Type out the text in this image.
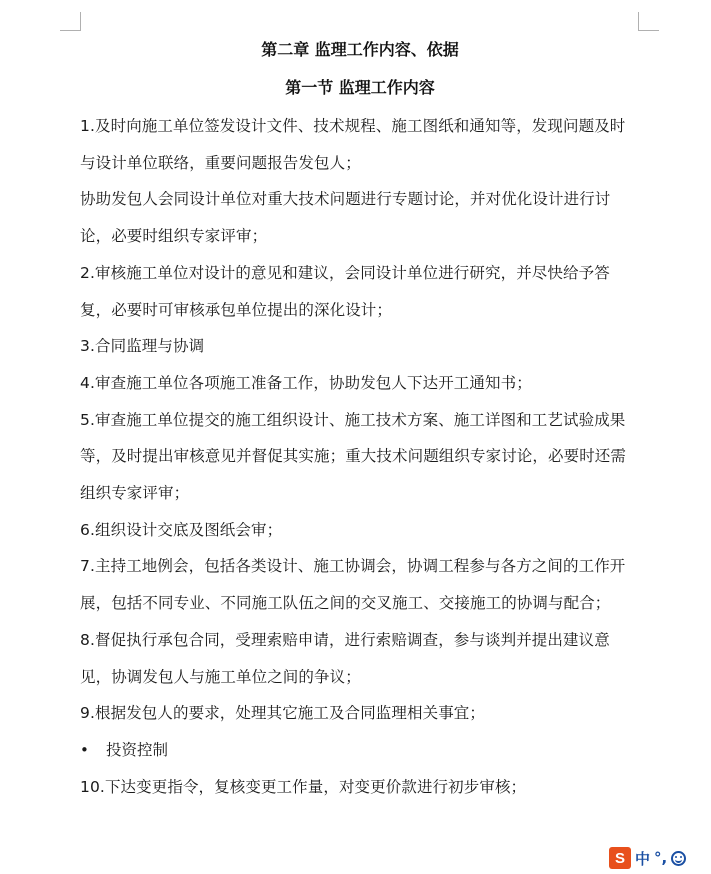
第二章 监理工作内容、依据
第一节 监理工作内容

1.及时向施工单位签发设计文件、技术规程、施工图纸和通知等，发现问题及时与设计单位联络，重要问题报告发包人；

协助发包人会同设计单位对重大技术问题进行专题讨论，并对优化设计进行讨论，必要时组织专家评审；

2.审核施工单位对设计的意见和建议，会同设计单位进行研究，并尽快给予答复，必要时可审核承包单位提出的深化设计；

3.合同监理与协调

4.审查施工单位各项施工准备工作，协助发包人下达开工通知书；

5.审查施工单位提交的施工组织设计、施工技术方案、施工详图和工艺试验成果等，及时提出审核意见并督促其实施；重大技术问题组织专家讨论，必要时还需组织专家评审；

6.组织设计交底及图纸会审；

7.主持工地例会，包括各类设计、施工协调会，协调工程参与各方之间的工作开展，包括不同专业、不同施工队伍之间的交叉施工、交接施工的协调与配合；

8.督促执行承包合同，受理索赔申请，进行索赔调查，参与谈判并提出建议意见，协调发包人与施工单位之间的争议；

9.根据发包人的要求，处理其它施工及合同监理相关事宜；

• 投资控制

10.下达变更指令，复核变更工作量，对变更价款进行初步审核；

S 中 °,
